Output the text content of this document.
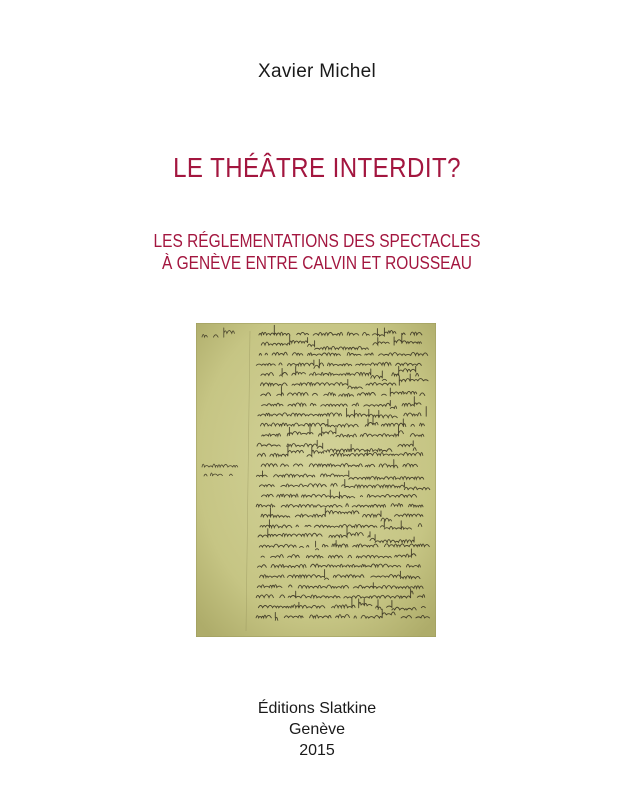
Xavier Michel
LE THÉÂTRE INTERDIT?
LES RÉGLEMENTATIONS DES SPECTACLES
À GENÈVE ENTRE CALVIN ET ROUSSEAU
Éditions Slatkine
Genève
2015
